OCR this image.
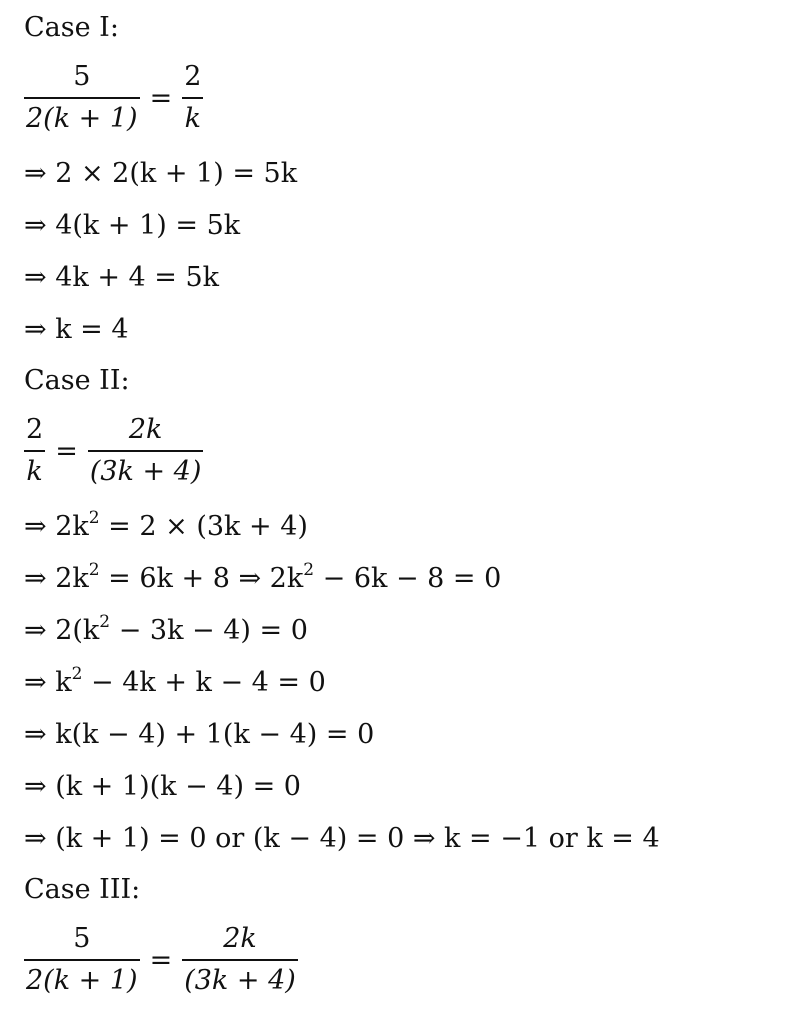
Case I:
$\frac{5}{2(k + 1)} = \frac{2}{k}$
⇒ 2 × 2(k + 1) = 5k
⇒ 4(k + 1) = 5k
⇒ 4k + 4 = 5k
⇒ k = 4
Case II:
$\frac{2}{k} = \frac{2k}{(3k + 4)}$
⇒ $2k^2 = 2 \times (3k + 4)$
⇒ $2k^2 = 6k + 8$ ⇒ $2k^2 - 6k - 8 = 0$
⇒ $2(k^2 - 3k - 4) = 0$
⇒ $k^2 - 4k + k - 4 = 0$
⇒ k(k − 4) + 1(k − 4) = 0
⇒ (k + 1)(k − 4) = 0
⇒ (k + 1) = 0 or (k − 4) = 0 ⇒ k = −1 or k = 4
Case III:
$\frac{5}{2(k + 1)} = \frac{2k}{(3k + 4)}$
